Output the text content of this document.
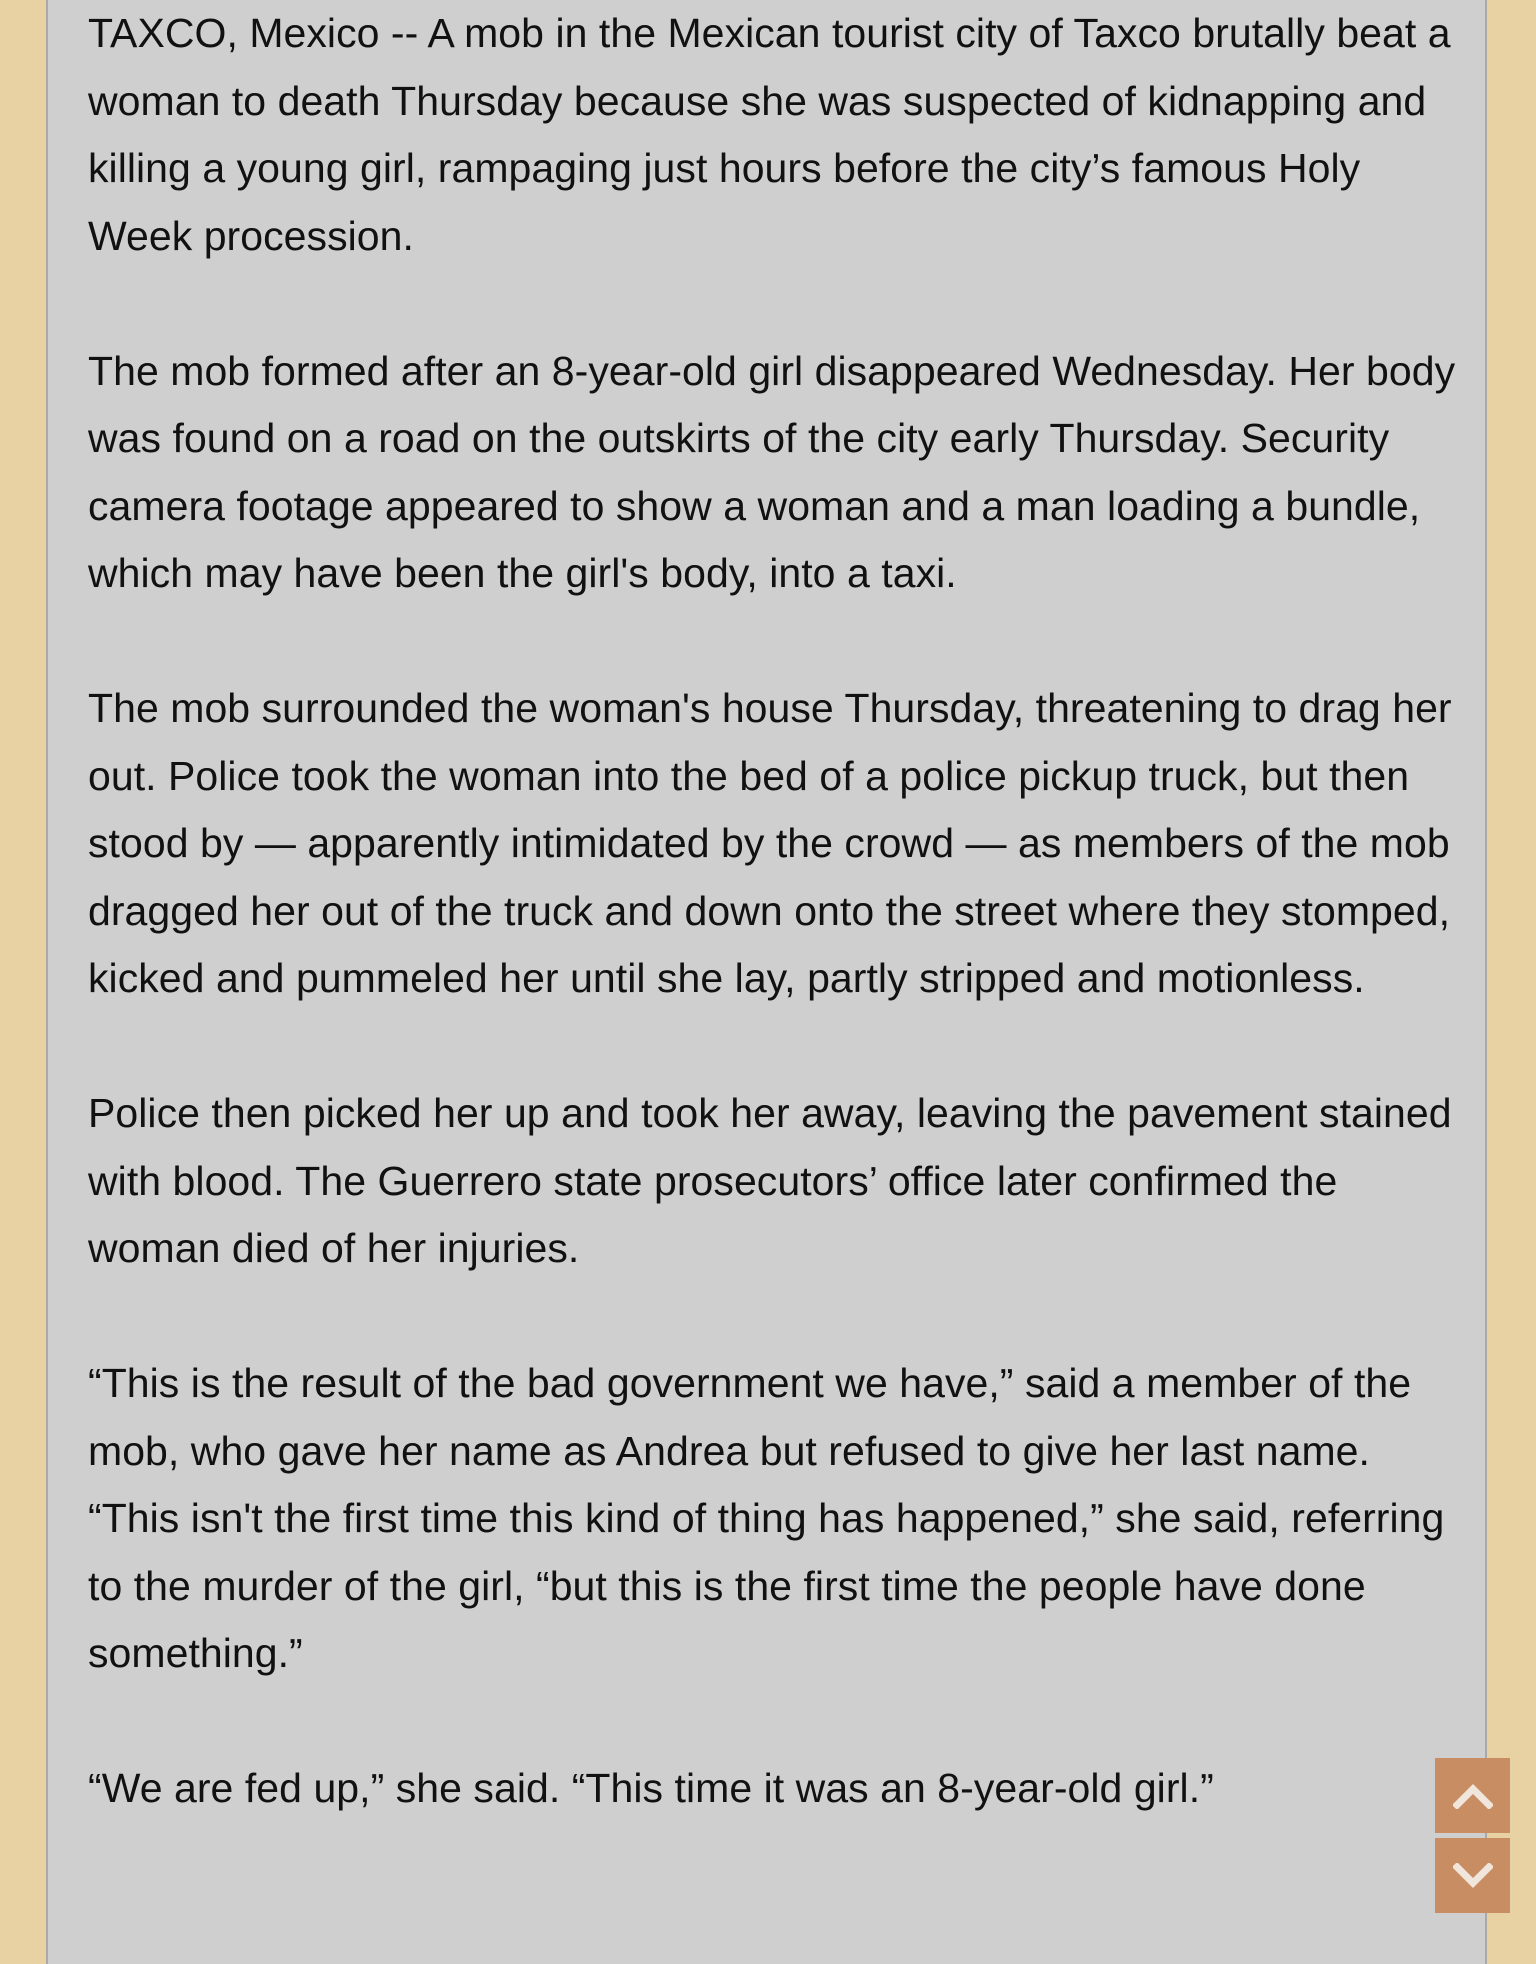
TAXCO, Mexico -- A mob in the Mexican tourist city of Taxco brutally beat a woman to death Thursday because she was suspected of kidnapping and killing a young girl, rampaging just hours before the city’s famous Holy Week procession.

The mob formed after an 8-year-old girl disappeared Wednesday. Her body was found on a road on the outskirts of the city early Thursday. Security camera footage appeared to show a woman and a man loading a bundle, which may have been the girl's body, into a taxi.

The mob surrounded the woman's house Thursday, threatening to drag her out. Police took the woman into the bed of a police pickup truck, but then stood by — apparently intimidated by the crowd — as members of the mob dragged her out of the truck and down onto the street where they stomped, kicked and pummeled her until she lay, partly stripped and motionless.

Police then picked her up and took her away, leaving the pavement stained with blood. The Guerrero state prosecutors’ office later confirmed the woman died of her injuries.

“This is the result of the bad government we have,” said a member of the mob, who gave her name as Andrea but refused to give her last name. “This isn't the first time this kind of thing has happened,” she said, referring to the murder of the girl, “but this is the first time the people have done something.”

“We are fed up,” she said. “This time it was an 8-year-old girl.”
